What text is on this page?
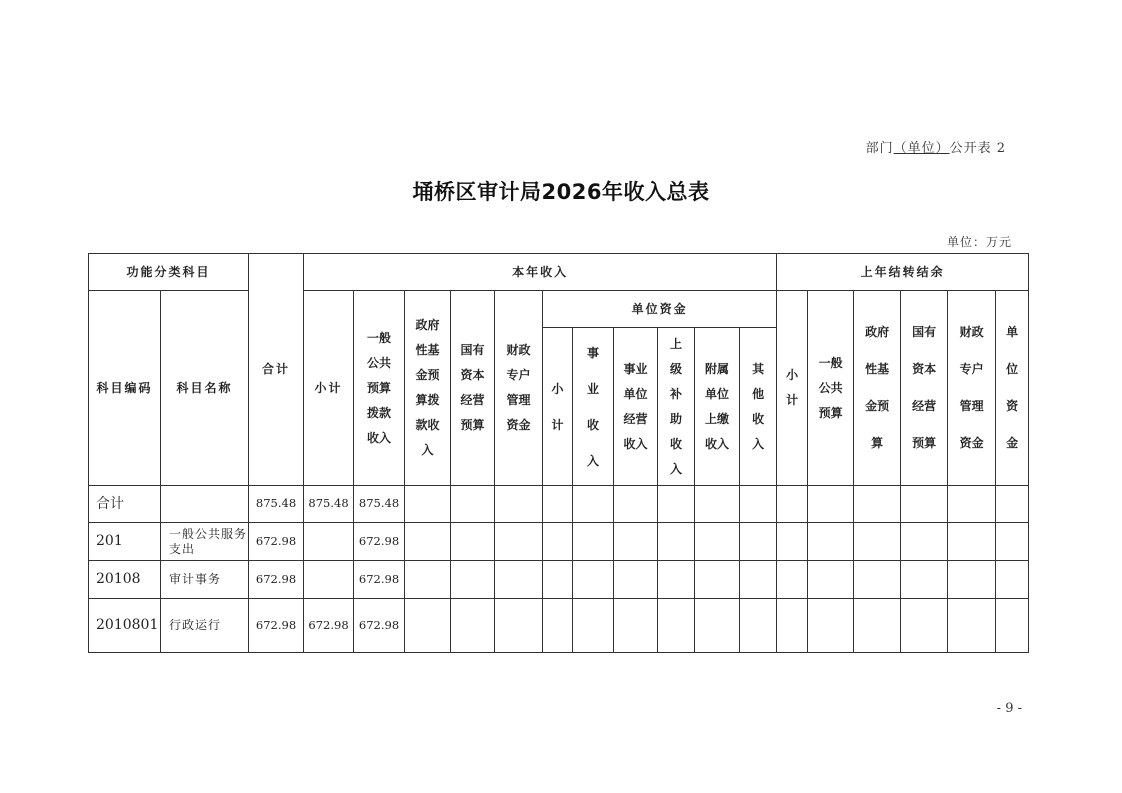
部门（单位）公开表 2
埇桥区审计局2026年收入总表
单位：万元
功能分类科目		合计	本年收入											上年结转结余					
科目编码	科目名称		小计	一般公共预算拨款收入	政府性基金预算拨款收入	国有资本经营预算	财政专户管理资金	单位资金						小计	一般公共预算	政府性基金预算	国有资本经营预算	财政专户管理资金	单位资金
								小计	事业收入	事业单位经营收入	上级补助收入	附属单位上缴收入	其他收入						
合计		875.48	875.48	875.48															
201	一般公共服务支出	672.98		672.98															
20108	审计事务	672.98		672.98															
2010801	行政运行	672.98	672.98	672.98															
- 9 -
